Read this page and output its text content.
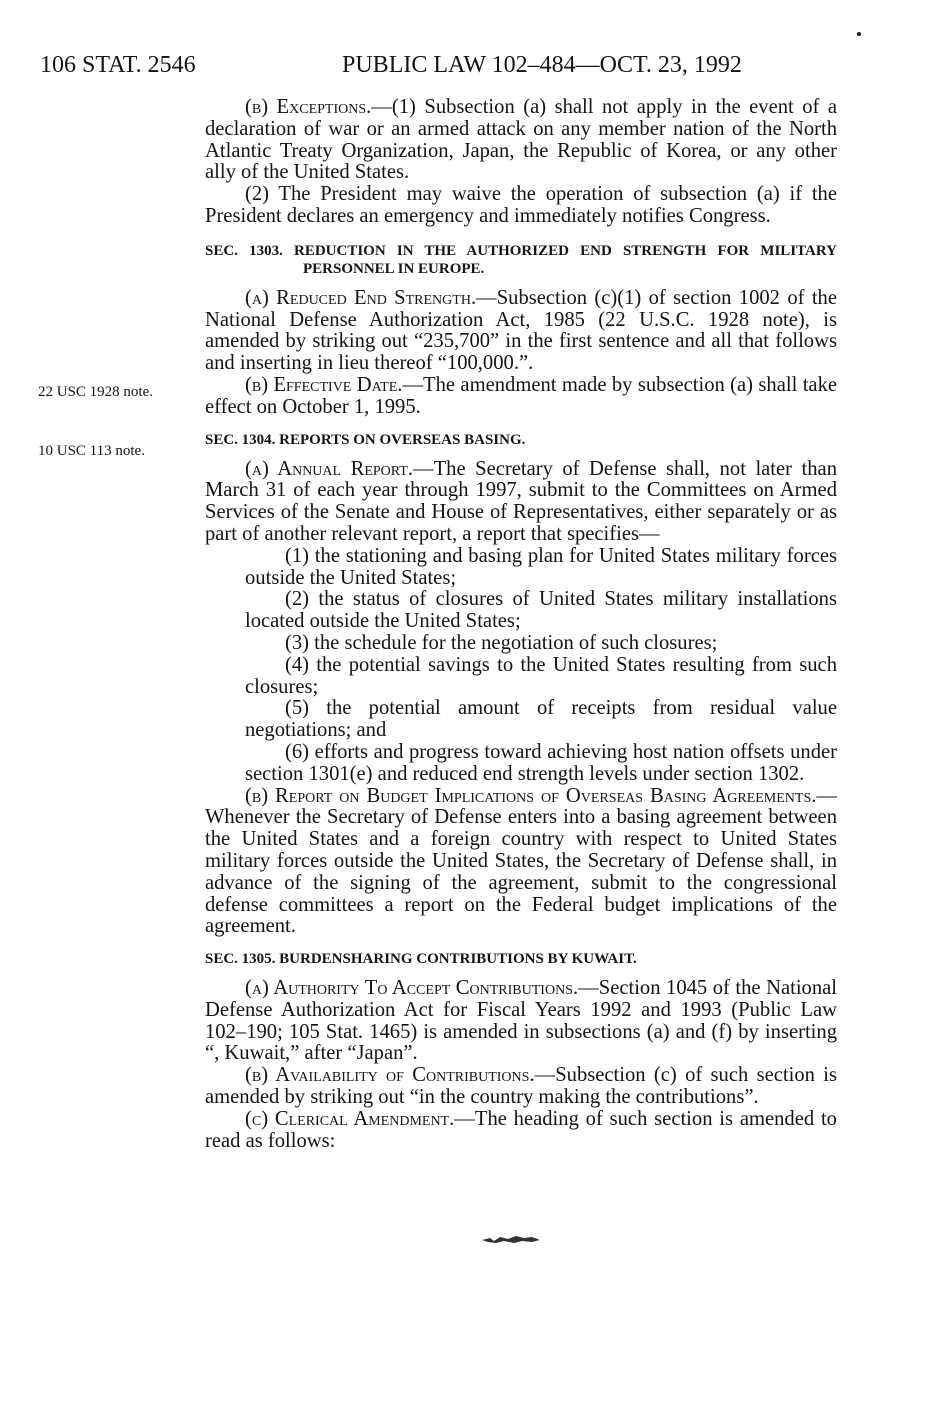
106 STAT. 2546	PUBLIC LAW 102–484—OCT. 23, 1992
22 USC 1928 note.
10 USC 113 note.

(b) Exceptions.—(1) Subsection (a) shall not apply in the event of a declaration of war or an armed attack on any member nation of the North Atlantic Treaty Organization, Japan, the Republic of Korea, or any other ally of the United States.

(2) The President may waive the operation of subsection (a) if the President declares an emergency and immediately notifies Congress.

SEC. 1303. REDUCTION IN THE AUTHORIZED END STRENGTH FOR MILITARY PERSONNEL IN EUROPE.

(a) Reduced End Strength.—Subsection (c)(1) of section 1002 of the National Defense Authorization Act, 1985 (22 U.S.C. 1928 note), is amended by striking out “235,700” in the first sentence and all that follows and inserting in lieu thereof “100,000.”.

(b) Effective Date.—The amendment made by subsection (a) shall take effect on October 1, 1995.

SEC. 1304. REPORTS ON OVERSEAS BASING.

(a) Annual Report.—The Secretary of Defense shall, not later than March 31 of each year through 1997, submit to the Committees on Armed Services of the Senate and House of Representatives, either separately or as part of another relevant report, a report that specifies—

(1) the stationing and basing plan for United States military forces outside the United States;

(2) the status of closures of United States military installations located outside the United States;

(3) the schedule for the negotiation of such closures;

(4) the potential savings to the United States resulting from such closures;

(5) the potential amount of receipts from residual value negotiations; and

(6) efforts and progress toward achieving host nation offsets under section 1301(e) and reduced end strength levels under section 1302.

(b) Report on Budget Implications of Overseas Basing Agreements.—Whenever the Secretary of Defense enters into a basing agreement between the United States and a foreign country with respect to United States military forces outside the United States, the Secretary of Defense shall, in advance of the signing of the agreement, submit to the congressional defense committees a report on the Federal budget implications of the agreement.

SEC. 1305. BURDENSHARING CONTRIBUTIONS BY KUWAIT.

(a) Authority To Accept Contributions.—Section 1045 of the National Defense Authorization Act for Fiscal Years 1992 and 1993 (Public Law 102–190; 105 Stat. 1465) is amended in subsections (a) and (f) by inserting “, Kuwait,” after “Japan”.

(b) Availability of Contributions.—Subsection (c) of such section is amended by striking out “in the country making the contributions”.

(c) Clerical Amendment.—The heading of such section is amended to read as follows:
